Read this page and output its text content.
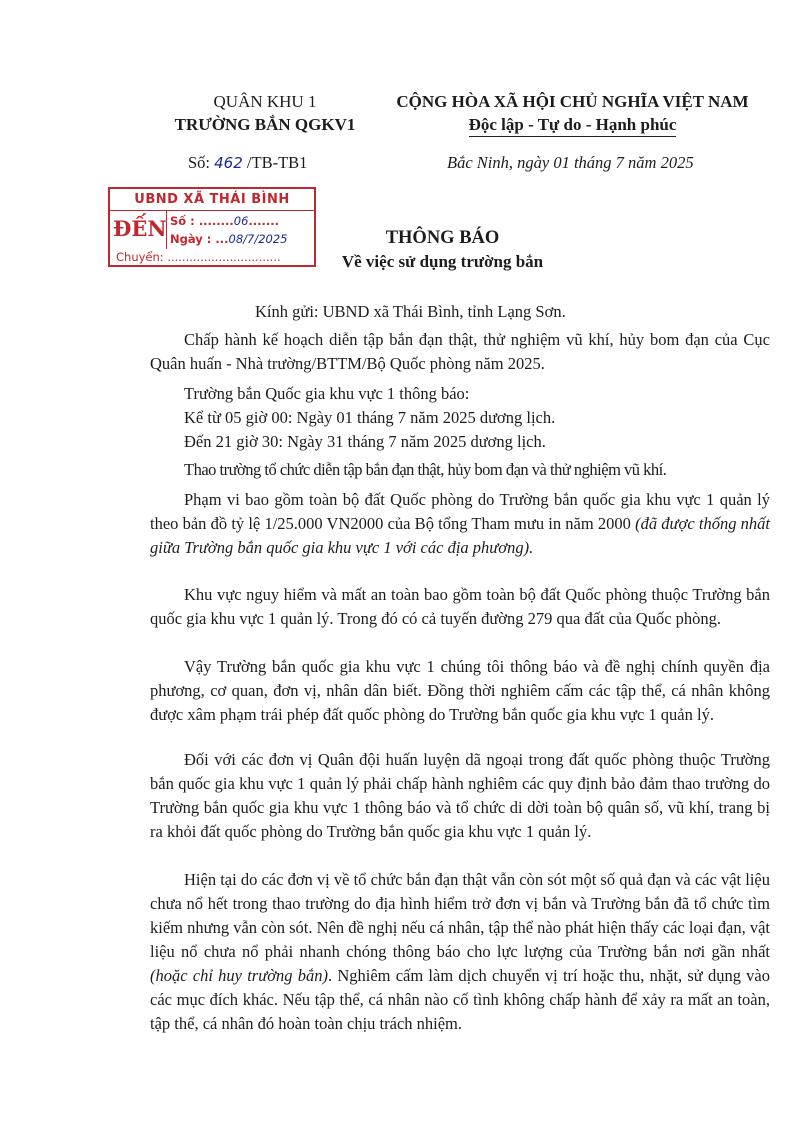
QUÂN KHU 1
TRƯỜNG BẮN QGKV1
CỘNG HÒA XÃ HỘI CHỦ NGHĨA VIỆT NAM
Độc lập - Tự do - Hạnh phúc
Số: 462 /TB-TB1	Bắc Ninh, ngày 01 tháng 7 năm 2025
UBND XÃ THÁI BÌNH
ĐẾN Số : ........06.......
Ngày : ...08/7/2025
Chuyển: ...............................
THÔNG BÁO
Về việc sử dụng trường bắn
Kính gửi: UBND xã Thái Bình, tỉnh Lạng Sơn.

Chấp hành kế hoạch diễn tập bắn đạn thật, thử nghiệm vũ khí, hủy bom đạn của Cục Quân huấn - Nhà trường/BTTM/Bộ Quốc phòng năm 2025.

Trường bắn Quốc gia khu vực 1 thông báo:

Kể từ 05 giờ 00: Ngày 01 tháng 7 năm 2025 dương lịch.

Đến 21 giờ 30: Ngày 31 tháng 7 năm 2025 dương lịch.

Thao trường tổ chức diễn tập bắn đạn thật, hủy bom đạn và thử nghiệm vũ khí.

Phạm vi bao gồm toàn bộ đất Quốc phòng do Trường bắn quốc gia khu vực 1 quản lý theo bản đồ tỷ lệ 1/25.000 VN2000 của Bộ tổng Tham mưu in năm 2000 (đã được thống nhất giữa Trường bắn quốc gia khu vực 1 với các địa phương).

Khu vực nguy hiểm và mất an toàn bao gồm toàn bộ đất Quốc phòng thuộc Trường bắn quốc gia khu vực 1 quản lý. Trong đó có cả tuyến đường 279 qua đất của Quốc phòng.

Vậy Trường bắn quốc gia khu vực 1 chúng tôi thông báo và đề nghị chính quyền địa phương, cơ quan, đơn vị, nhân dân biết. Đồng thời nghiêm cấm các tập thể, cá nhân không được xâm phạm trái phép đất quốc phòng do Trường bắn quốc gia khu vực 1 quản lý.

Đối với các đơn vị Quân đội huấn luyện dã ngoại trong đất quốc phòng thuộc Trường bắn quốc gia khu vực 1 quản lý phải chấp hành nghiêm các quy định bảo đảm thao trường do Trường bắn quốc gia khu vực 1 thông báo và tổ chức di dời toàn bộ quân số, vũ khí, trang bị ra khỏi đất quốc phòng do Trường bắn quốc gia khu vực 1 quản lý.

Hiện tại do các đơn vị về tổ chức bắn đạn thật vẫn còn sót một số quả đạn và các vật liệu chưa nổ hết trong thao trường do địa hình hiểm trở đơn vị bắn và Trường bắn đã tổ chức tìm kiếm nhưng vẫn còn sót. Nên đề nghị nếu cá nhân, tập thể nào phát hiện thấy các loại đạn, vật liệu nổ chưa nổ phải nhanh chóng thông báo cho lực lượng của Trường bắn nơi gần nhất (hoặc chỉ huy trường bắn). Nghiêm cấm làm dịch chuyển vị trí hoặc thu, nhặt, sử dụng vào các mục đích khác. Nếu tập thể, cá nhân nào cố tình không chấp hành để xảy ra mất an toàn, tập thể, cá nhân đó hoàn toàn chịu trách nhiệm.
